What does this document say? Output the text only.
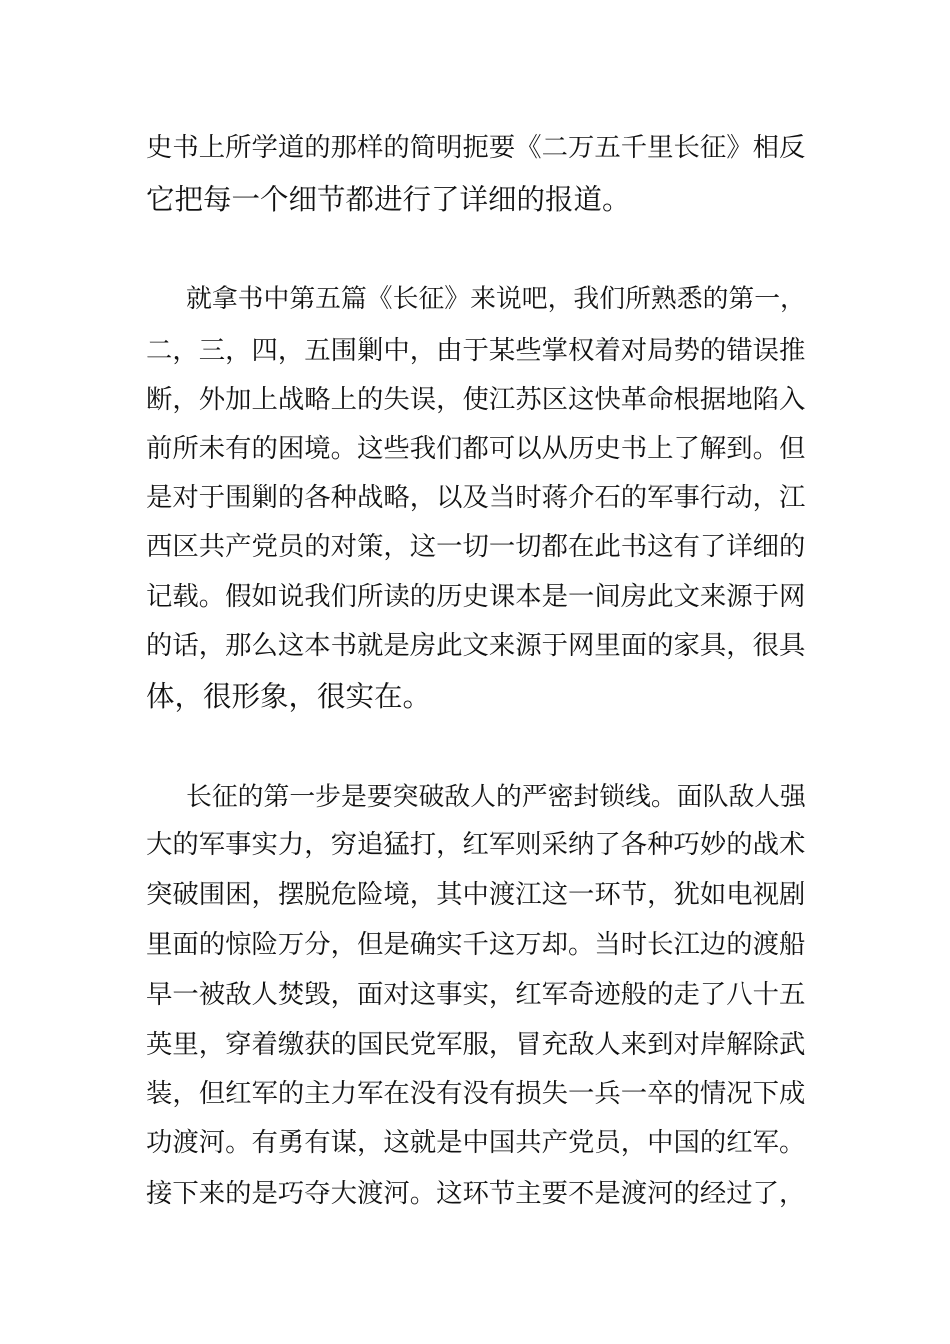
史书上所学道的那样的简明扼要《二万五千里长征》相反
它把每一个细节都进行了详细的报道。
就拿书中第五篇《长征》来说吧，我们所熟悉的第一，
二，三，四，五围剿中，由于某些掌权着对局势的错误推
断，外加上战略上的失误，使江苏区这快革命根据地陷入
前所未有的困境。这些我们都可以从历史书上了解到。但
是对于围剿的各种战略，以及当时蒋介石的军事行动，江
西区共产党员的对策，这一切一切都在此书这有了详细的
记载。假如说我们所读的历史课本是一间房此文来源于网
的话，那么这本书就是房此文来源于网里面的家具，很具
体，很形象，很实在。
长征的第一步是要突破敌人的严密封锁线。面队敌人强
大的军事实力，穷追猛打，红军则采纳了各种巧妙的战术
突破围困，摆脱危险境，其中渡江这一环节，犹如电视剧
里面的惊险万分，但是确实千这万却。当时长江边的渡船
早一被敌人焚毁，面对这事实，红军奇迹般的走了八十五
英里，穿着缴获的国民党军服，冒充敌人来到对岸解除武
装，但红军的主力军在没有没有损失一兵一卒的情况下成
功渡河。有勇有谋，这就是中国共产党员，中国的红军。
接下来的是巧夺大渡河。这环节主要不是渡河的经过了，
